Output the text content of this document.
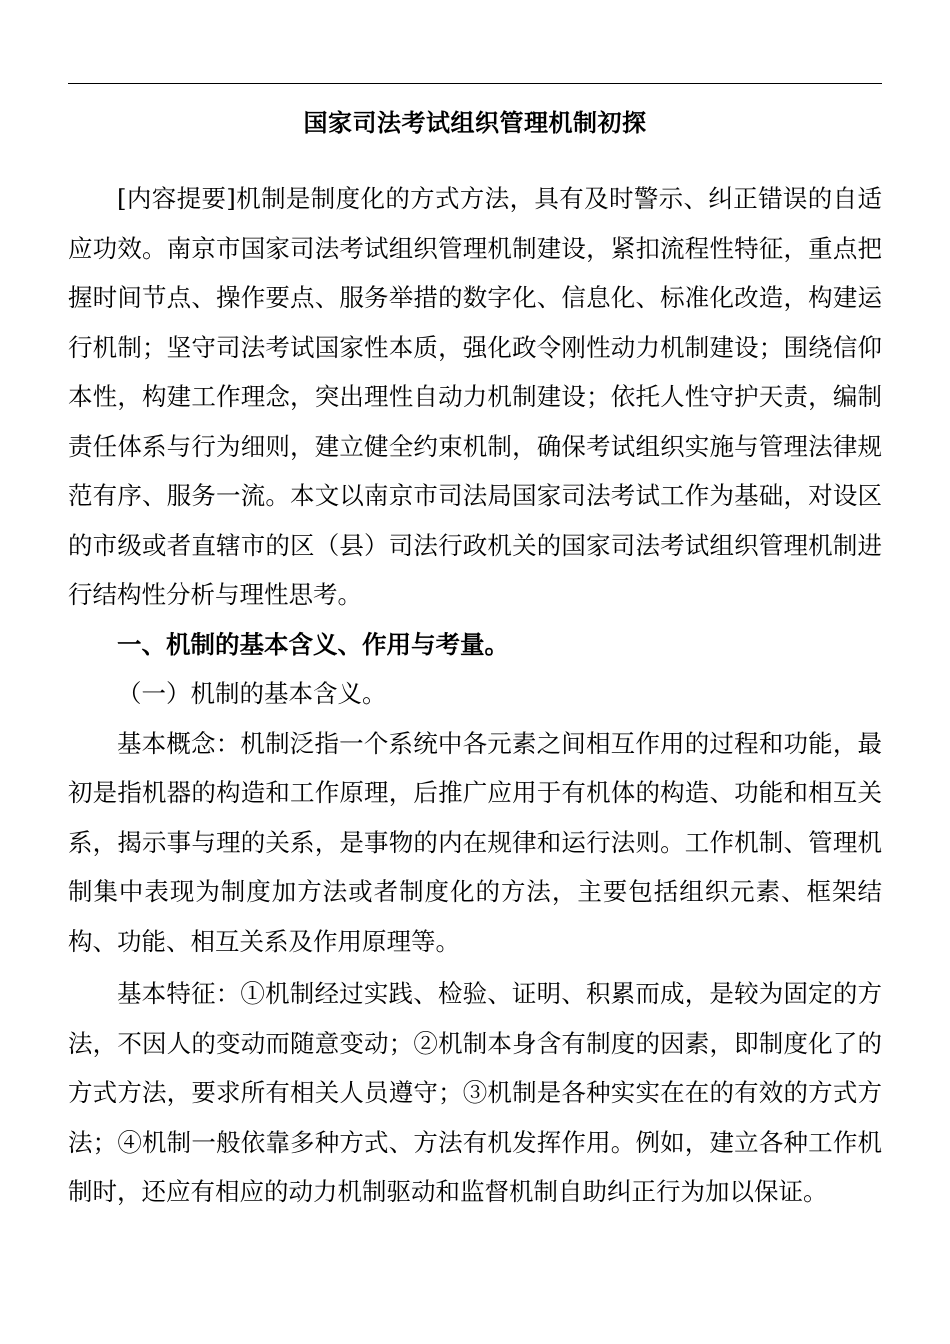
国家司法考试组织管理机制初探

[内容提要]机制是制度化的方式方法，具有及时警示、纠正错误的自适应功效。南京市国家司法考试组织管理机制建设，紧扣流程性特征，重点把握时间节点、操作要点、服务举措的数字化、信息化、标准化改造，构建运行机制；坚守司法考试国家性本质，强化政令刚性动力机制建设；围绕信仰本性，构建工作理念，突出理性自动力机制建设；依托人性守护天责，编制责任体系与行为细则，建立健全约束机制，确保考试组织实施与管理法律规范有序、服务一流。本文以南京市司法局国家司法考试工作为基础，对设区的市级或者直辖市的区（县）司法行政机关的国家司法考试组织管理机制进行结构性分析与理性思考。

一、机制的基本含义、作用与考量。

（一）机制的基本含义。

基本概念：机制泛指一个系统中各元素之间相互作用的过程和功能，最初是指机器的构造和工作原理，后推广应用于有机体的构造、功能和相互关系，揭示事与理的关系，是事物的内在规律和运行法则。工作机制、管理机制集中表现为制度加方法或者制度化的方法，主要包括组织元素、框架结构、功能、相互关系及作用原理等。

基本特征：①机制经过实践、检验、证明、积累而成，是较为固定的方法，不因人的变动而随意变动；②机制本身含有制度的因素，即制度化了的方式方法，要求所有相关人员遵守；③机制是各种实实在在的有效的方式方法；④机制一般依靠多种方式、方法有机发挥作用。例如，建立各种工作机制时，还应有相应的动力机制驱动和监督机制自助纠正行为加以保证。
